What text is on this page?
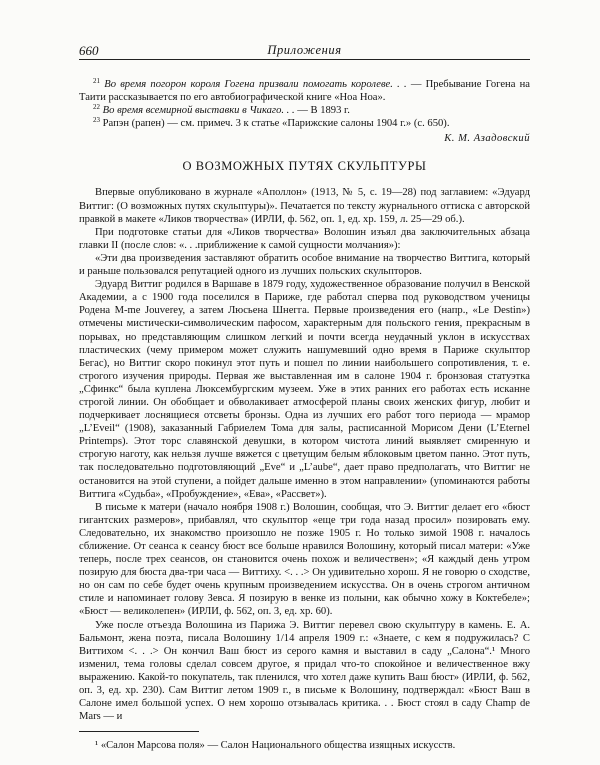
660	Приложения

$^{21}$ Во время погорон короля Гогена призвали помогать королеве. . . — Пребывание Гогена на Таити рассказывается по его автобиографической книге «Ноа Ноа».

$^{22}$ Во время всемирной выставки в Чикаго. . . — В 1893 г.

$^{23}$ Рапэн (рапен) — см. примеч. 3 к статье «Парижские салоны 1904 г.» (с. 650).

К. М. Азадовский

О ВОЗМОЖНЫХ ПУТЯХ СКУЛЬПТУРЫ

Впервые опубликовано в журнале «Аполлон» (1913, № 5, с. 19—28) под заглавием: «Эдуард Виттиг: (О возможных путях скульптуры)». Печатается по тексту журнального оттиска с авторской правкой в макете «Ликов творчества» (ИРЛИ, ф. 562, оп. 1, ед. хр. 159, л. 25—29 об.).

При подготовке статьи для «Ликов творчества» Волошин изъял два заключительных абзаца главки II (после слов: «. . .приближение к самой сущности молчания»):

«Эти два произведения заставляют обратить особое внимание на творчество Виттига, который и раньше пользовался репутацией одного из лучших польских скульпторов.

Эдуард Виттиг родился в Варшаве в 1879 году, художественное образование получил в Венской Академии, а с 1900 года поселился в Париже, где работал сперва под руководством ученицы Родена M-me Jouverey, а затем Люсьена Шнегга. Первые произведения его (напр., «Le Destin») отмечены мистически-символическим пафосом, характерным для польского гения, прекрасным в порывах, но представляющим слишком легкий и почти всегда неудачный уклон в искусствах пластических (чему примером может служить нашумевший одно время в Париже скульптор Бегас), но Виттиг скоро покинул этот путь и пошел по линии наибольшего сопротивления, т. е. строгого изучения природы. Первая же выставленная им в салоне 1904 г. бронзовая статуэтка „Сфинкс“ была куплена Люксембургским музеем. Уже в этих ранних его работах есть исканне строгой линии. Он обобщает и обволакивает атмосферой планы своих женских фигур, любит и подчеркивает лоснящиеся отсветы бронзы. Одна из лучших его работ того периода — мрамор „L’Eveil“ (1908), заказанный Габриелем Тома для залы, расписанной Морисом Дени (L’Eternel Printemps). Этот торс славянской девушки, в котором чистота линий выявляет смиренную и строгую наготу, как нельзя лучше вяжется с цветущим белым яблоковым цветом панно. Этот путь, так последовательно подготовляющий „Eve“ и „L’aube“, дает право предполагать, что Виттиг не остановится на этой ступени, а пойдет дальше именно в этом направлении» (упоминаются работы Виттига «Судьба», «Пробуждение», «Ева», «Рассвет»).

В письме к матери (начало ноября 1908 г.) Волошин, сообщая, что Э. Виттиг делает его «бюст гигантских размеров», прибавлял, что скульптор «еще три года назад просил» позировать ему. Следовательно, их знакомство произошло не позже 1905 г. Но только зимой 1908 г. началось сближение. От сеанса к сеансу бюст все больше нравился Волошину, который писал матери: «Уже теперь, после трех сеансов, он становится очень похож и величествен»; «Я каждый день утром позирую для бюста два-три часа — Виттиху. <. . .> Он удивительно хорош. Я не говорю о сходстве, но он сам по себе будет очень крупным произведением искусства. Он в очень строгом античном стиле и напоминает голову Зевса. Я позирую в венке из полыни, как обычно хожу в Коктебеле»; «Бюст — великолепен» (ИРЛИ, ф. 562, оп. 3, ед. хр. 60).

Уже после отъезда Волошина из Парижа Э. Виттиг перевел свою скульптуру в камень. Е. А. Бальмонт, жена поэта, писала Волошину 1/14 апреля 1909 г.: «Знаете, с кем я подружилась? С Виттихом <. . .> Он кончил Ваш бюст из серого камня и выставил в саду „Салона“.¹ Много изменил, тема головы сделал совсем другое, я придал что-то спокойное и величественное вжу выражению. Какой-то покупатель, так пленился, что хотел даже купить Ваш бюст» (ИРЛИ, ф. 562, оп. 3, ед. хр. 230). Сам Виттиг летом 1909 г., в письме к Волошину, подтверждал: «Бюст Ваш в Салоне имел большой успех. О нем хорошо отзывалась критика. . . Бюст стоял в саду Champ de Mars — и

¹ «Салон Марсова поля» — Салон Национального общества изящных искусств.
